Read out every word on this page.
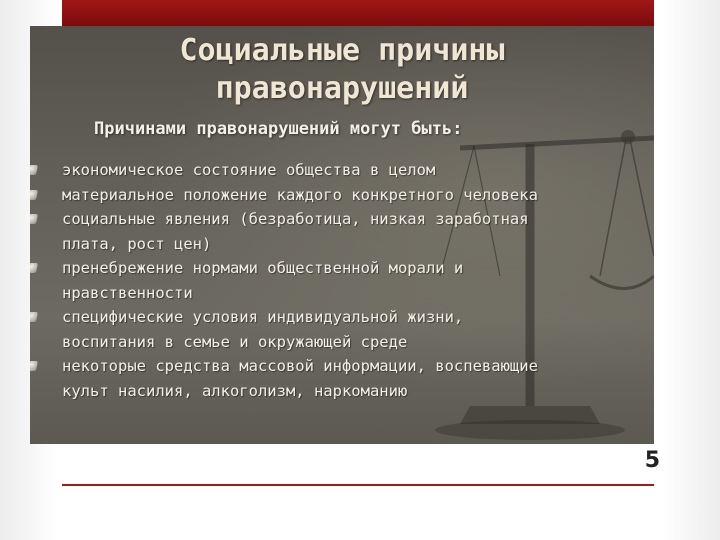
Социальные причины
правонарушений
Причинами правонарушений могут быть:
экономическое состояние общества в целом
материальное положение каждого конкретного человека
социальные явления (безработица, низкая заработная
плата, рост цен)
пренебрежение нормами общественной морали и
нравственности
специфические условия индивидуальной жизни,
воспитания в семье и окружающей среде
некоторые средства массовой информации, воспевающие
культ насилия, алкоголизм, наркоманию
5
